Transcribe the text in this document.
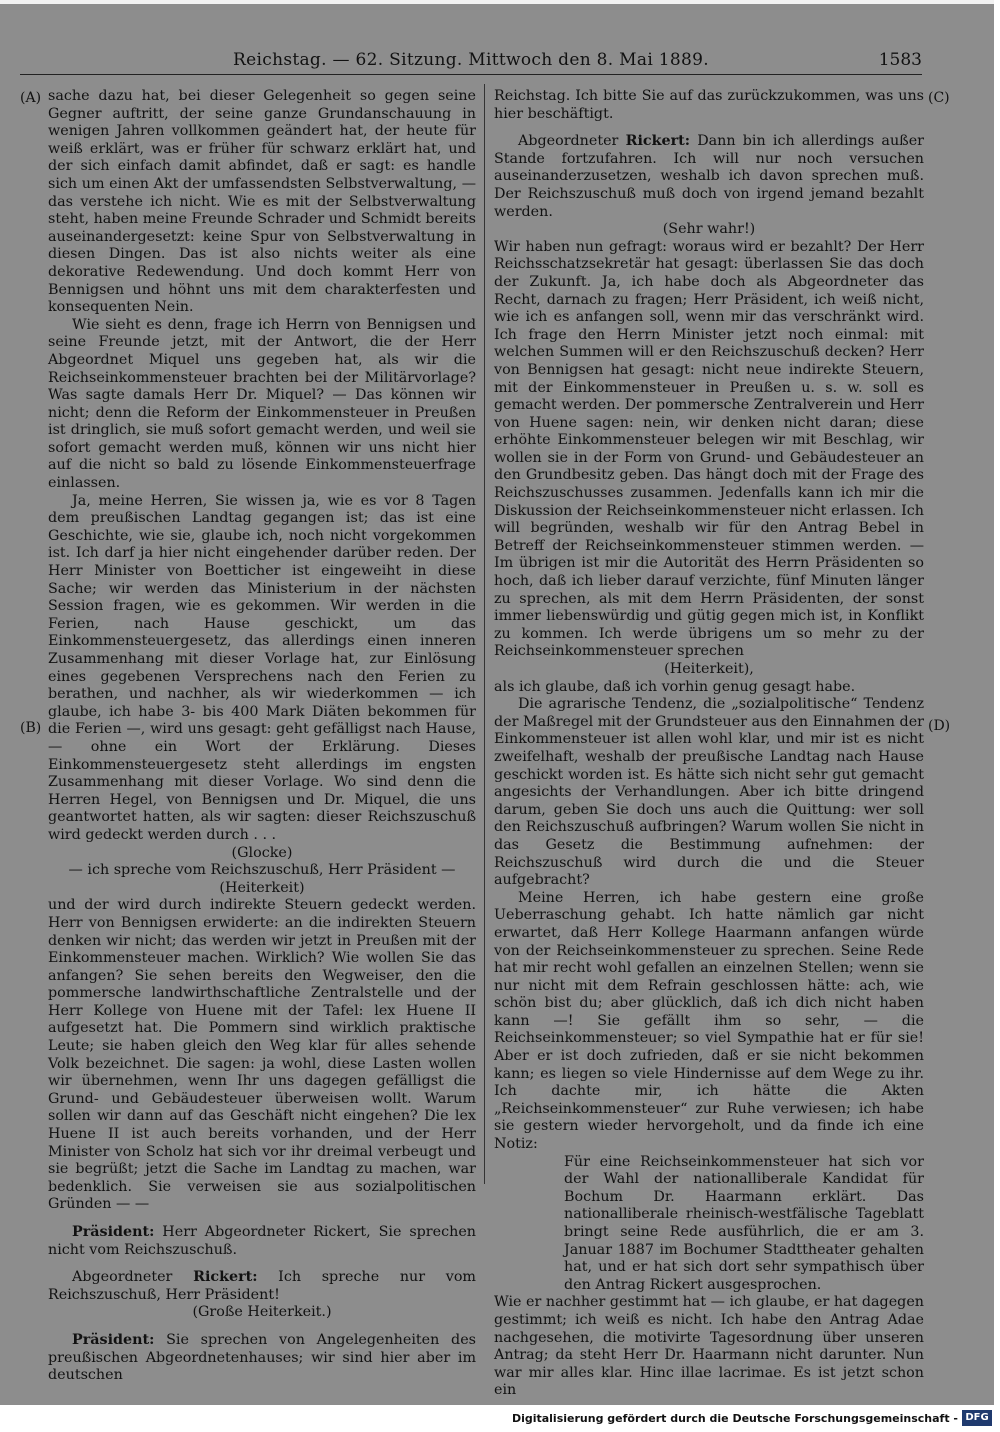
Reichstag. — 62. Sitzung. Mittwoch den 8. Mai 1889.	1583
(A)
(B)
(C)
(D)

sache dazu hat, bei dieser Gelegenheit so gegen seine Gegner auftritt, der seine ganze Grundanschauung in wenigen Jahren vollkommen geändert hat, der heute für weiß erklärt, was er früher für schwarz erklärt hat, und der sich einfach damit abfindet, daß er sagt: es handle sich um einen Akt der umfassendsten Selbstverwaltung, — das verstehe ich nicht. Wie es mit der Selbstverwaltung steht, haben meine Freunde Schrader und Schmidt bereits auseinandergesetzt: keine Spur von Selbstverwaltung in diesen Dingen. Das ist also nichts weiter als eine dekorative Redewendung. Und doch kommt Herr von Bennigsen und höhnt uns mit dem charakterfesten und konsequenten Nein.

Wie sieht es denn, frage ich Herrn von Bennigsen und seine Freunde jetzt, mit der Antwort, die der Herr Abgeordnet Miquel uns gegeben hat, als wir die Reichseinkommensteuer brachten bei der Militärvorlage? Was sagte damals Herr Dr. Miquel? — Das können wir nicht; denn die Reform der Einkommensteuer in Preußen ist dringlich, sie muß sofort gemacht werden, und weil sie sofort gemacht werden muß, können wir uns nicht hier auf die nicht so bald zu lösende Einkommensteuerfrage einlassen.

Ja, meine Herren, Sie wissen ja, wie es vor 8 Tagen dem preußischen Landtag gegangen ist; das ist eine Geschichte, wie sie, glaube ich, noch nicht vorgekommen ist. Ich darf ja hier nicht eingehender darüber reden. Der Herr Minister von Boetticher ist eingeweiht in diese Sache; wir werden das Ministerium in der nächsten Session fragen, wie es gekommen. Wir werden in die Ferien, nach Hause geschickt, um das Einkommensteuergesetz, das allerdings einen inneren Zusammenhang mit dieser Vorlage hat, zur Einlösung eines gegebenen Versprechens nach den Ferien zu berathen, und nachher, als wir wiederkommen — ich glaube, ich habe 3- bis 400 Mark Diäten bekommen für die Ferien —, wird uns gesagt: geht gefälligst nach Hause, — ohne ein Wort der Erklärung. Dieses Einkommensteuergesetz steht allerdings im engsten Zusammenhang mit dieser Vorlage. Wo sind denn die Herren Hegel, von Bennigsen und Dr. Miquel, die uns geantwortet hatten, als wir sagten: dieser Reichszuschuß wird gedeckt werden durch . . .

(Glocke)

— ich spreche vom Reichszuschuß, Herr Präsident —

(Heiterkeit)

und der wird durch indirekte Steuern gedeckt werden. Herr von Bennigsen erwiderte: an die indirekten Steuern denken wir nicht; das werden wir jetzt in Preußen mit der Einkommensteuer machen. Wirklich? Wie wollen Sie das anfangen? Sie sehen bereits den Wegweiser, den die pommersche landwirthschaftliche Zentralstelle und der Herr Kollege von Huene mit der Tafel: lex Huene II aufgesetzt hat. Die Pommern sind wirklich praktische Leute; sie haben gleich den Weg klar für alles sehende Volk bezeichnet. Die sagen: ja wohl, diese Lasten wollen wir übernehmen, wenn Ihr uns dagegen gefälligst die Grund- und Gebäudesteuer überweisen wollt. Warum sollen wir dann auf das Geschäft nicht eingehen? Die lex Huene II ist auch bereits vorhanden, und der Herr Minister von Scholz hat sich vor ihr dreimal verbeugt und sie begrüßt; jetzt die Sache im Landtag zu machen, war bedenklich. Sie verweisen sie aus sozialpolitischen Gründen — —

Präsident: Herr Abgeordneter Rickert, Sie sprechen nicht vom Reichszuschuß.

Abgeordneter Rickert: Ich spreche nur vom Reichszuschuß, Herr Präsident!

(Große Heiterkeit.)

Präsident: Sie sprechen von Angelegenheiten des preußischen Abgeordnetenhauses; wir sind hier aber im deutschen

Reichstag. Ich bitte Sie auf das zurückzukommen, was uns hier beschäftigt.

Abgeordneter Rickert: Dann bin ich allerdings außer Stande fortzufahren. Ich will nur noch versuchen auseinanderzusetzen, weshalb ich davon sprechen muß. Der Reichszuschuß muß doch von irgend jemand bezahlt werden.

(Sehr wahr!)

Wir haben nun gefragt: woraus wird er bezahlt? Der Herr Reichsschatzsekretär hat gesagt: überlassen Sie das doch der Zukunft. Ja, ich habe doch als Abgeordneter das Recht, darnach zu fragen; Herr Präsident, ich weiß nicht, wie ich es anfangen soll, wenn mir das verschränkt wird. Ich frage den Herrn Minister jetzt noch einmal: mit welchen Summen will er den Reichszuschuß decken? Herr von Bennigsen hat gesagt: nicht neue indirekte Steuern, mit der Einkommensteuer in Preußen u. s. w. soll es gemacht werden. Der pommersche Zentralverein und Herr von Huene sagen: nein, wir denken nicht daran; diese erhöhte Einkommensteuer belegen wir mit Beschlag, wir wollen sie in der Form von Grund- und Gebäudesteuer an den Grundbesitz geben. Das hängt doch mit der Frage des Reichszuschusses zusammen. Jedenfalls kann ich mir die Diskussion der Reichseinkommensteuer nicht erlassen. Ich will begründen, weshalb wir für den Antrag Bebel in Betreff der Reichseinkommensteuer stimmen werden. — Im übrigen ist mir die Autorität des Herrn Präsidenten so hoch, daß ich lieber darauf verzichte, fünf Minuten länger zu sprechen, als mit dem Herrn Präsidenten, der sonst immer liebenswürdig und gütig gegen mich ist, in Konflikt zu kommen. Ich werde übrigens um so mehr zu der Reichseinkommensteuer sprechen

(Heiterkeit),

als ich glaube, daß ich vorhin genug gesagt habe.

Die agrarische Tendenz, die „sozialpolitische“ Tendenz der Maßregel mit der Grundsteuer aus den Einnahmen der Einkommensteuer ist allen wohl klar, und mir ist es nicht zweifelhaft, weshalb der preußische Landtag nach Hause geschickt worden ist. Es hätte sich nicht sehr gut gemacht angesichts der Verhandlungen. Aber ich bitte dringend darum, geben Sie doch uns auch die Quittung: wer soll den Reichszuschuß aufbringen? Warum wollen Sie nicht in das Gesetz die Bestimmung aufnehmen: der Reichszuschuß wird durch die und die Steuer aufgebracht?

Meine Herren, ich habe gestern eine große Ueberraschung gehabt. Ich hatte nämlich gar nicht erwartet, daß Herr Kollege Haarmann anfangen würde von der Reichseinkommensteuer zu sprechen. Seine Rede hat mir recht wohl gefallen an einzelnen Stellen; wenn sie nur nicht mit dem Refrain geschlossen hätte: ach, wie schön bist du; aber glücklich, daß ich dich nicht haben kann —! Sie gefällt ihm so sehr, — die Reichseinkommensteuer; so viel Sympathie hat er für sie! Aber er ist doch zufrieden, daß er sie nicht bekommen kann; es liegen so viele Hindernisse auf dem Wege zu ihr. Ich dachte mir, ich hätte die Akten „Reichseinkommensteuer“ zur Ruhe verwiesen; ich habe sie gestern wieder hervorgeholt, und da finde ich eine Notiz:

Für eine Reichseinkommensteuer hat sich vor der Wahl der nationalliberale Kandidat für Bochum Dr. Haarmann erklärt. Das nationalliberale rheinisch-westfälische Tageblatt bringt seine Rede ausführlich, die er am 3. Januar 1887 im Bochumer Stadttheater gehalten hat, und er hat sich dort sehr sympathisch über den Antrag Rickert ausgesprochen.

Wie er nachher gestimmt hat — ich glaube, er hat dagegen gestimmt; ich weiß es nicht. Ich habe den Antrag Adae nachgesehen, die motivirte Tagesordnung über unseren Antrag; da steht Herr Dr. Haarmann nicht darunter. Nun war mir alles klar. Hinc illae lacrimae. Es ist jetzt schon ein

Digitalisierung gefördert durch die Deutsche Forschungsgemeinschaft - DFG
